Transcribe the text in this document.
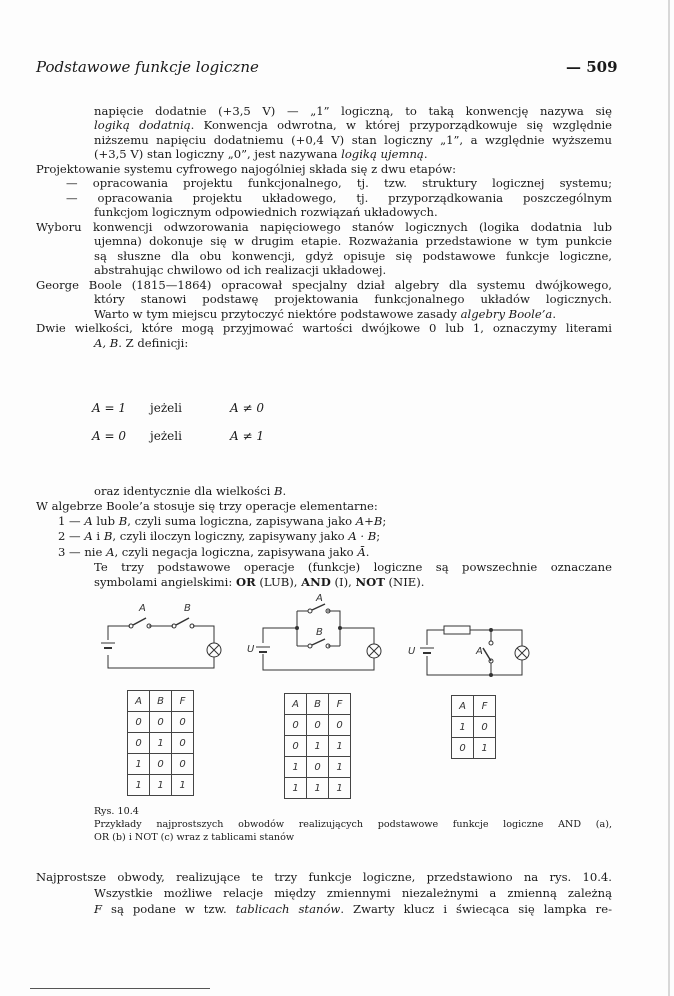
Podstawowe funkcje logiczne	— 509
napięcie dodatnie (+3,5 V) — „1” logiczną, to taką konwencję nazywa się
logiką dodatnią. Konwencja odwrotna, w której przyporządkowuje się względnie
niższemu napięciu dodatniemu (+0,4 V) stan logiczny „1”, a względnie wyższemu
(+3,5 V) stan logiczny „0”, jest nazywana logiką ujemną.
Projektowanie systemu cyfrowego najogólniej składa się z dwu etapów:
— opracowania projektu funkcjonalnego, tj. tzw. struktury logicznej systemu;
— opracowania projektu układowego, tj. przyporządkowania poszczególnym
funkcjom logicznym odpowiednich rozwiązań układowych.
Wyboru konwencji odwzorowania napięciowego stanów logicznych (logika dodatnia lub
ujemna) dokonuje się w drugim etapie. Rozważania przedstawione w tym punkcie
są słuszne dla obu konwencji, gdyż opisuje się podstawowe funkcje logiczne,
abstrahując chwilowo od ich realizacji układowej.
George Boole (1815—1864) opracował specjalny dział algebry dla systemu dwójkowego,
który stanowi podstawę projektowania funkcjonalnego układów logicznych.
Warto w tym miejscu przytoczyć niektóre podstawowe zasady algebry Boole’a.
Dwie wielkości, które mogą przyjmować wartości dwójkowe 0 lub 1, oznaczymy literami
A, B. Z definicji:
A = 1 jeżeli	A ≠ 0
A = 0 jeżeli	A ≠ 1
oraz identycznie dla wielkości B.
W algebrze Boole’a stosuje się trzy operacje elementarne:
1 — A lub B, czyli suma logiczna, zapisywana jako A+B;
2 — A i B, czyli iloczyn logiczny, zapisywany jako A · B;
3 — nie A, czyli negacja logiczna, zapisywana jako Ā.
Te trzy podstawowe operacje (funkcje) logiczne są powszechnie oznaczane
symbolami angielskimi: OR (LUB), AND (I), NOT (NIE).
A	B
A
B
U	A
U
A	B	F
0	0	0
0	1	0
1	0	0
1	1	1
A	B	F
0	0	0
0	1	1
1	0	1
1	1	1
A	F
1	0
0	1
Rys. 10.4
Przykłady najprostszych obwodów realizujących podstawowe funkcje logiczne AND (a),
OR (b) i NOT (c) wraz z tablicami stanów
Najprostsze obwody, realizujące te trzy funkcje logiczne, przedstawiono na rys. 10.4.
Wszystkie możliwe relacje między zmiennymi niezależnymi a zmienną zależną
F są podane w tzw. tablicach stanów. Zwarty klucz i świecąca się lampka re-
